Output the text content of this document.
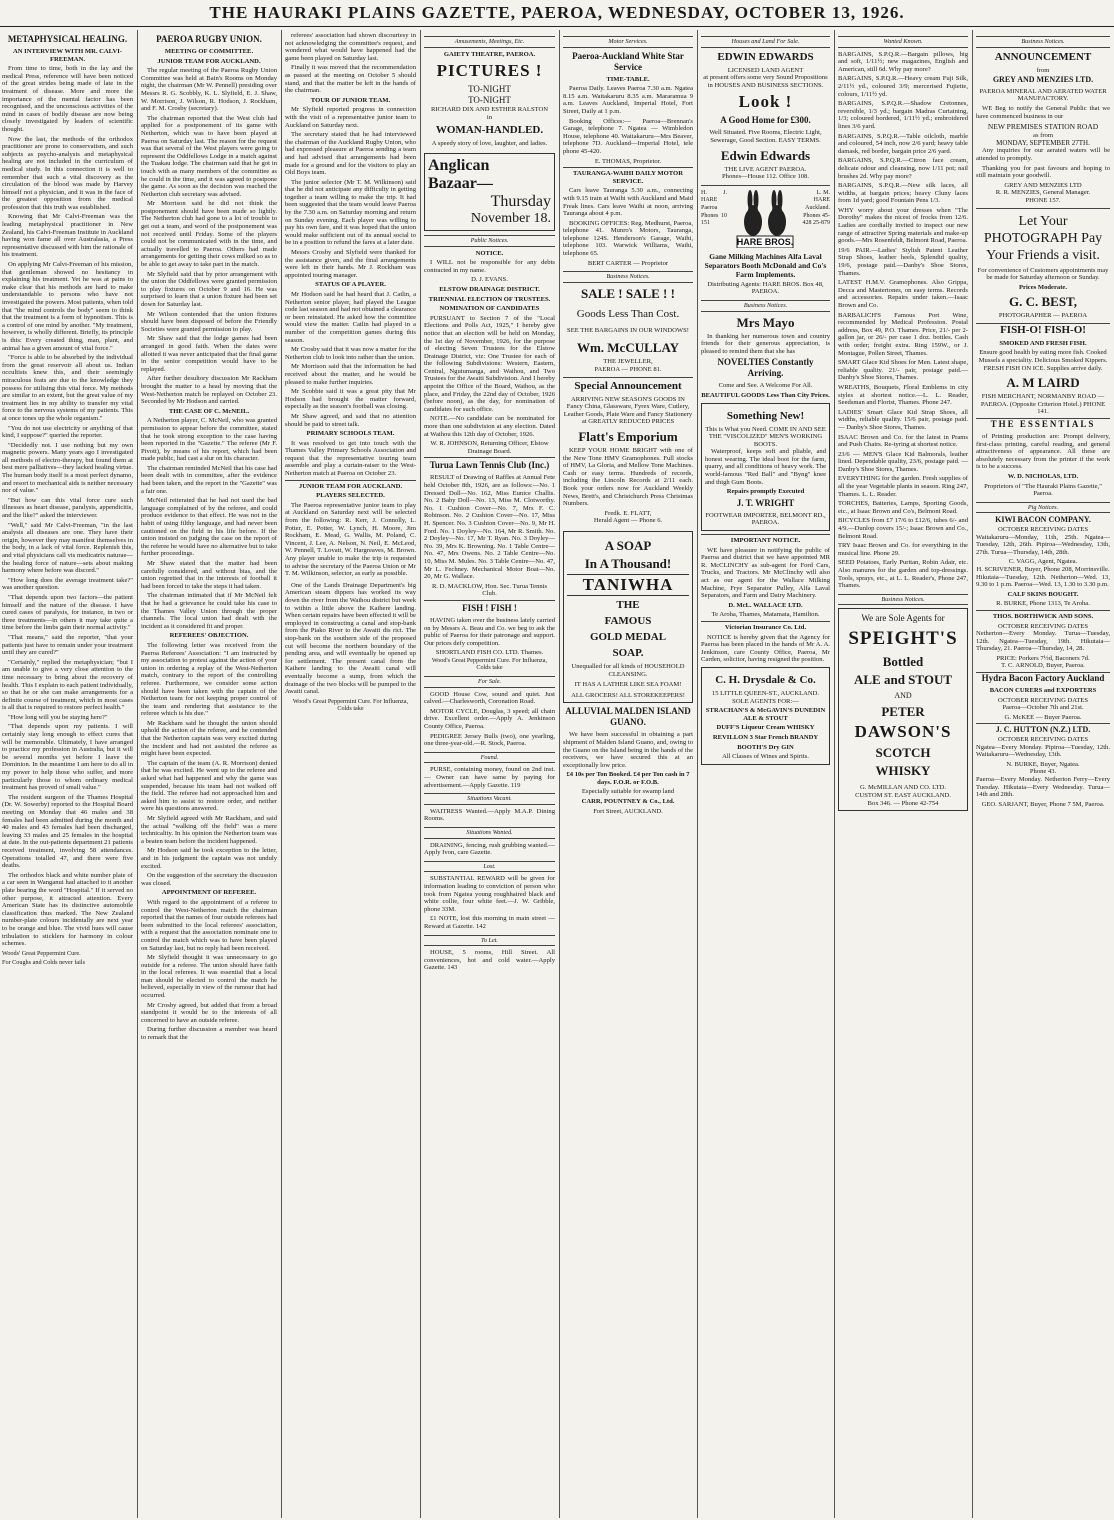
THE HAURAKI PLAINS GAZETTE, PAEROA, WEDNESDAY, OCTOBER 13, 1926.
METAPHYSICAL HEALING.
AN INTERVIEW WITH MR. CALVI-FREEMAN.

From time to time, both in the lay and the medical Press, reference will have been noticed of the great strides being made of late in the treatment of disease. More and more the importance of the mental factor has been recognised, and the unconscious activities of the mind in cases of bodily disease are now being closely investigated by leaders of scientific thought.

Now the last, the methods of the orthodox practitioner are prone to conservatism, and such subjects as psycho-analysis and metaphysical healing are not included in the curriculum of medical study. In this connection it is well to remember that such a vital discovery as the circulation of the blood was made by Harvey himself not a physician, and it was in the face of the greatest opposition from the medical profession that this truth was established.

Knowing that Mr Calvi-Freeman was the leading metaphysical practitioner in New Zealand, his Calvi-Freeman Institute in Auckland having won fame all over Australasia, a Press representative discussed with him the rationale of his treatment.

On applying Mr Calvi-Freeman of his mission, that gentleman showed no hesitancy in explaining his treatment. Yet he was at pains to make clear that his methods are hard to make understandable to persons who have not investigated the powers. Most patients, when told that "the mind controls the body" seem to think that the treatment is a form of hypnotism. This is a control of one mind by another. "My treatment, however, is wholly different. Briefly, its principle is this: Every created thing, man, plant, and animal has a given amount of vital force."

"Force is able to be absorbed by the individual from the great reservoir all about us. Indian occultists knew this, and their seemingly miraculous feats are due to the knowledge they possess for utilising this vital force. My methods are similar to an extent, but the great value of my treatment lies in my ability to transfer my vital force to the nervous systems of my patients. This at once tones up the whole organism."

"You do not use electricity or anything of that kind, I suppose?" queried the reporter.

"Decidedly not. I use nothing but my own magnetic powers. Many years ago I investigated all methods of electro-therapy, but found them at best mere palliatives—they lacked healing virtue. The human body itself is a most perfect dynamo, and resort to mechanical aids is neither necessary nor of value."

"But how can this vital force cure such illnesses as heart disease, paralysis, appendicitis, and the like?" asked the interviewer.

"Well," said Mr Calvi-Freeman, "in the last analysis all diseases are one. They have their origin, however they may manifest themselves in the body, in a lack of vital force. Replenish this, and vital physicians call vis medicatrix naturae—the healing force of nature—sets about making harmony where before was discord."

"How long does the average treatment take?" was another question.

"That depends upon two factors—the patient himself and the nature of the disease. I have cured cases of paralysis, for instance, in two or three treatments—in others it may take quite a time before the limbs gain their normal activity."

"That means," said the reporter, "that your patients just have to remain under your treatment until they are cured?"

"Certainly," replied the metaphysician; "but I am unable to give a very close attention to the time necessary to bring about the recovery of health. This I explain to each patient individually, so that he or she can make arrangements for a definite course of treatment, which in most cases is all that is required to restore perfect health."

"How long will you be staying here?"

"That depends upon my patients. I will certainly stay long enough to effect cures that will be memorable. Ultimately, I have arranged to practice my profession in Australia, but it will be several months yet before I leave the Dominion. In the meantime I am here to do all in my power to help those who suffer, and more particularly those to whom ordinary medical treatment has proved of small value."

The resident surgeon of the Thames Hospital (Dr. W. Sowerby) reported to the Hospital Board meeting on Monday that 46 males and 38 females had been admitted during the month and 40 males and 43 females had been discharged, leaving 33 males and 25 females in the hospital at date. In the out-patients department 21 patients received treatment, involving 58 attendances. Operations totalled 47, and there were five deaths.

The orthodox black and white number plate of a car seen in Wanganui had attached to it another plate bearing the word "Hospital." If it served no other purpose, it attracted attention. Every American State has its distinctive automobile classification thus marked. The New Zealand number-plate colours incidentally are next year to be orange and blue. The vivid hues will cause tribulation to sticklers for harmony in colour schemes.

Woods' Great Peppermint Cure.

For Coughs and Colds never fails

PAEROA RUGBY UNION.
MEETING OF COMMITTEE.
JUNIOR TEAM FOR AUCKLAND.

The regular meeting of the Paeroa Rugby Union Committee was held at Bain's Rooms on Monday night, the chairman (Mr W. Pennell) presiding over Messrs R. G. Scobbly, K. L. Slyfield, E. J. Shaw, W. Morrison, J. Wilson, R. Hodson, J. Rockham, and F. M. Crosby (secretary).

The chairman reported that the West club had applied for a postponement of its game with Netherton, which was to have been played at Paeroa on Saturday last. The reason for the request was that several of the West players were going to represent the Oddfellows Lodge in a match against the Tuakau lodge. The chairman said that he got in touch with as many members of the committee as he could in the time, and it was agreed to postpone the game. As soon as the decision was reached the Netherton club secretary was advised.

Mr Morrison said he did not think the postponement should have been made so lightly. The Netherton club had gone to a lot of trouble to get out a team, and word of the postponement was not received until Friday. Some of the players could not be communicated with in the time, and actually travelled to Paeroa. Others had made arrangements for getting their cows milked so as to be able to get away to take part in the match.

Mr Slyfield said that by prior arrangement with the union the Oddfellows were granted permission to play fixtures on October 9 and 16. He was surprised to learn that a union fixture had been set down for Saturday last.

Mr Wilson contended that the union fixtures should have been disposed of before the Friendly Societies were granted permission to play.

Mr Shaw said that the lodge games had been arranged in good faith. When the dates were allotted it was never anticipated that the final game in the senior competition would have to be replayed.

After further desultory discussion Mr Rackham brought the matter to a head by moving that the West-Netherton match be replayed on October 23. Seconded by Mr Hodson and carried.

THE CASE OF C. McNEIL.

A Netherton player, C. McNeil, who was granted permission to appear before the committee, stated that he took strong exception to the case having been reported in the "Gazette." The referee (Mr F. Pivott), by means of his report, which had been made public, had cast a slur on his character.

The chairman reminded McNeil that his case had been dealt with in committee, after the evidence had been taken, and the report in the "Gazette" was a fair one.

McNeil reiterated that he had not used the bad language complained of by the referee, and could produce evidence to that effect. He was not in the habit of using filthy language, and had never been cautioned on the field in his life before. If the union insisted on judging the case on the report of the referee he would have no alternative but to take further proceedings.

Mr Shaw stated that the matter had been carefully considered, and without bias, and the union regretted that in the interests of football it had been forced to take the steps it had taken.

The chairman intimated that if Mr McNeil felt that he had a grievance he could take his case to the Thames Valley Union through the proper channels. The local union had dealt with the incident as it considered fit and proper.

REFEREES' OBJECTION.

The following letter was received from the Paeroa Referees' Association: "I am instructed by my association to protest against the action of your union in ordering a replay of the West-Netherton match, contrary to the report of the controlling referee. Furthermore, we consider some action should have been taken with the captain of the Netherton team for not keeping proper control of the team and rendering that assistance to the referee which is his due."

Mr Rackham said he thought the union should uphold the action of the referee, and he contended that the Netherton captain was very excited during the incident and had not assisted the referee as might have been expected.

The captain of the team (A. R. Morrison) denied that he was excited. He went up to the referee and asked what had happened and why the game was suspended, because his team had not walked off the field. The referee had not approached him and asked him to assist to restore order, and neither were his questions answered.

Mr Slyfield agreed with Mr Rackham, and said the actual "walking off the field" was a mere technicality. In his opinion the Netherton team was a beaten team before the incident happened.

Mr Hodson said he took exception to the letter, and in his judgment the captain was not unduly excited.

On the suggestion of the secretary the discussion was closed.

APPOINTMENT OF REFEREE.

With regard to the appointment of a referee to control the West-Netherton match the chairman reported that the names of four outside referees had been submitted to the local referees' association, with a request that the association nominate one to control the match which was to have been played on Saturday last, but no reply had been received.

Mr Slyfield thought it was unnecessary to go outside for a referee. The union should have faith in the local referees. It was essential that a local man should be elected to control the match he believed, especially in view of the rumour that had occurred.

Mr Crosby agreed, but added that from a broad standpoint it would be to the interests of all concerned to have an outside referee.

During further discussion a member was heard to remark that the

referees' association had shown discourtesy in not acknowledging the committee's request, and wondered what would have happened had the game been played on Saturday last.

Finally it was moved that the recommendation as passed at the meeting on October 5 should stand, and that the matter be left in the hands of the chairman.

TOUR OF JUNIOR TEAM.

Mr Slyfield reported progress in connection with the visit of a representative junior team to Auckland on Saturday next.

The secretary stated that he had interviewed the chairman of the Auckland Rugby Union, who had expressed pleasure at Paeroa sending a team and had advised that arrangements had been made for a ground and for the visitors to play an Old Boys team.

The junior selector (Mr T. M. Wilkinson) said that he did not anticipate any difficulty in getting together a team willing to make the trip. It had been suggested that the team would leave Paeroa by the 7.30 a.m. on Saturday morning and return on Sunday evening. Each player was willing to pay his own fare, and it was hoped that the union would make sufficient out of its annual social to be in a position to refund the fares at a later date.

Messrs Crosby and Slyfield were thanked for the assistance given, and the final arrangements were left in their hands. Mr J. Rockham was appointed touring manager.

STATUS OF A PLAYER.

Mr Hodson said he had heard that J. Catlin, a Netherton senior player, had played the League code last season and had not obtained a clearance or been reinstated. He asked how the committee would view the matter. Catlin had played in a number of the competition games during this season.

Mr Crosby said that it was now a matter for the Netherton club to look into rather than the union.

Mr Morrison said that the information he had received about the matter, and he would be pleased to make further inquiries.

Mr Scobbie said it was a great pity that Mr Hodson had brought the matter forward, especially as the season's football was closing.

Mr Shaw agreed, and said that no attention should be paid to street talk.

PRIMARY SCHOOLS TEAM.

It was resolved to get into touch with the Thames Valley Primary Schools Association and request that the representative touring team assemble and play a curtain-raiser to the West-Netherton match at Paeroa on October 23.

JUNIOR TEAM FOR AUCKLAND.
PLAYERS SELECTED.

The Paeroa representative junior team to play at Auckland on Saturday next will be selected from the following: R. Kerr, J. Connolly, L. Potter, E. Potter, W. Lynch, H. Moore, Jim Rockham, E. Mead, G. Wallis, M. Poland, C. Vincent, J. Lee, A. Nelson, N. Neil, E. McLeod, W. Pennell, T. Lovatt, W. Hargreaves, M. Brown. Any player unable to make the trip is requested to advise the secretary of the Paeroa Union or Mr T. M. Wilkinson, selector, as early as possible.

One of the Lands Drainage Department's big American steam dippers has worked its way down the river from the Waihou district but week to within a little above the Kaihere landing. When certain repairs have been effected it will be employed in constructing a canal and stop-bank from the Piako River to the Awaiti dis rict. The stop-bank on the southern side of the proposed cut will become the northern boundary of the pending area, and will eventually be opened up for settlement. The present canal from the Kaihere landing to the Awaiti canal will eventually become a sump, from which the drainage of the two blocks will be pumped to the Awaiti canal.

Wood's Great Peppermint Cure. For Influenza, Colds take

Amusements, Meetings, Etc.
GAIETY THEATRE, PAEROA.
PICTURES !
TO-NIGHT
TO-NIGHT
RICHARD DIX AND ESTHER RALSTON
in
WOMAN-HANDLED.
A speedy story of love, laughter, and ladies.
Anglican
Bazaar—
Thursday
November 18.
Public Notices.
NOTICE.

I WILL not be responsible for any debts contracted in my name.

D. J. EVANS.
ELSTOW DRAINAGE DISTRICT.
TRIENNIAL ELECTION OF TRUSTEES.
NOMINATION OF CANDIDATES

PURSUANT to Section 7 of the "Local Elections and Polls Act, 1925," I hereby give notice that an election will be held on Monday, the 1st day of November, 1926, for the purpose of electing Seven Trustees for the Elstow Drainage District, viz: One Trustee for each of the following Subdivisions: Western, Eastern, Central, Ngutumanga, and Waihou, and Two Trustees for the Awaiti Subdivision. And I hereby appoint the Office of the Board, Waihou, as the place, and Friday, the 22nd day of October, 1926 (before noon), as the day, for nomination of candidates for such office.

NOTE.—No candidate can be nominated for more than one subdivision at any election. Dated at Waihou this 12th day of October, 1926.

W. R. JOHNSON, Returning Officer, Elstow Drainage Board.
Turua Lawn Tennis Club (Inc.)

RESULT of Drawing of Raffles at Annual Fete held October 8th, 1926, are as follows:—No. 1 Dressed Doll—No. 162, Miss Eunice Challis. No. 2 Baby Doll—No. 13, Miss M. Clotworthy. No. 1 Cushion Cover—No. 7, Mrs F. C. Robinson. No. 2 Cushion Cover—No. 17, Miss H. Spencer. No. 3 Cushion Cover—No. 9, Mr H. Ford. No. 1 Doyley—No. 164, Mr R. Smith. No. 2 Doyley—No. 17, Mr T. Ryan. No. 3 Doyley—No. 39, Mrs K. Browning. No. 1 Table Centre—No. 47, Mrs Owens. No. 2 Table Centre—No. 10, Miss M. Mules. No. 3 Table Centre—No. 47, Mr L. Fechney. Mechanical Motor Boat—No. 20, Mr G. Wallace.

R. D. MACKLOW, Hon. Sec. Turua Tennis Club.
FISH ! FISH !

HAVING taken over the business lately carried on by Messrs A. Beau and Co. we beg to ask the public of Paeroa for their patronage and support. Our prices defy competition.

SHORTLAND FISH CO. LTD. Thames.

Wood's Great Peppermint Cure. For Influenza, Colds take

For Sale.

GOOD House Cow, sound and quiet. Just calved.—Charlesworth, Coronation Road.

MOTOR CYCLE, Douglas, 3 speed; all chain drive. Excellent order.—Apply A. Jenkinson County Office, Paeroa.

PEDIGREE Jersey Bulls (two), one yearling, one three-year-old.—R. Stock, Paeroa.

Found.

PURSE, containing money, found on 2nd inst. — Owner can have same by paying for advertisement.—Apply Gazette. 119

Situations Vacant.

WAITRESS Wanted.—Apply M.A.P. Dining Rooms.

Situations Wanted.

DRAINING, fencing, rush grubbing wanted.—Apply Ivon, care Gazette.

Lost.

SUBSTANTIAL REWARD will be given for information leading to conviction of person who took from Ngatea young roughhaired black and white collie, four white feet.—J. W. Gribble, phone 33M.

£1 NOTE, lost this morning in main street — Reward at Gazette. 142

To Let.

HOUSE, 5 rooms, Hill Street. All conveniences, hot and cold water.—Apply Gazette. 143

Motor Services.
Paeroa-Auckland White Star Service
TIME-TABLE.

Paeroa Daily. Leaves Paeroa 7.30 a.m. Ngatea 8.15 a.m. Waitakaruru 8.35 a.m. Mararamua 9 a.m. Leaves Auckland, Imperial Hotel, Fort Street, Daily at 1 p.m.

Booking Offices:— Paeroa—Brennan's Garage, telephone 7. Ngatea — Wimbledon House, telephone 40. Waitakaruru—Mrs Beaver, telephone 7D. Auckland—Imperial Hotel, tele phone 45-420.

E. THOMAS, Proprietor.
TAURANGA-WAIHI DAILY MOTOR SERVICE.

Cars leave Tauranga 5.30 a.m., connecting with 9.15 train at Waihi with Auckland and Maid Freak lines. Cars leave Waihi at noon, arriving Tauranga about 4 p.m.

BOOKING OFFICES: Reg. Medhurst, Paeroa, telephone 41. Munro's Motors, Tauranga, telephone 124S. Henderson's Garage, Waihi, telephone 103. Warwick Williams, Waihi, telephone 65.

BERT CARTER — Proprietor
Business Notices.
SALE ! SALE ! !
Goods Less Than Cost.
SEE THE BARGAINS IN OUR WINDOWS!
Wm. McCULLAY
THE JEWELLER,
PAEROA — PHONE 81.
Special Announcement

ARRIVING NEW SEASON'S GOODS IN Fancy China, Glassware, Fyrex Ware, Cutlery, Leather Goods, Plate Ware and Fancy Stationery at GREATLY REDUCED PRICES

Flatt's Emporium

KEEP YOUR HOME BRIGHT with one of the New Tone HMV Gramophones. Full stocks of HMV, La Gloria, and Mellow Tone Machines. Cash or easy terms. Hundreds of records, including the Lincoln Records at 2/11 each. Book your orders now for Auckland Weekly News, Brett's, and Christchurch Press Christmas Numbers.

Fredk. E. FLATT,
Herald Agent — Phone 6.
A SOAP
In A Thousand!
TANIWHA
THE
FAMOUS
GOLD MEDAL
SOAP.
Unequalled for all kinds of HOUSEHOLD CLEANSING.
IT HAS A LATHER LIKE SEA FOAM!
ALL GROCERS! ALL STOREKEEPERS!
ALLUVIAL MALDEN ISLAND GUANO.

We have been successful in obtaining a part shipment of Malden Island Guano, and, owing to the Guano on the Island being in the hands of the receivers, we have secured this at an exceptionally low price.

£4 10s per Ton Booked. £4 per Ton cash in 7 days. F.O.R. or F.O.B.
Especially suitable for swamp land
CARR, POUNTNEY & Co., Ltd.
Fort Street, AUCKLAND.
Houses and Land For Sale.
EDWIN EDWARDS
LICENSED LAND AGENT

at present offers some very Sound Propositions in HOUSES AND BUSINESS SECTIONS.

Look !
A Good Home for £300.

Well Situated. Five Rooms, Electric Light, Sewerage, Good Section. EASY TERMS.

Edwin Edwards
THE LIVE AGENT PAEROA.
Phones—House 112. Office 108.
H. J. HARE Paeroa Phones 10 151
L. M. HARE Auckland. Phones 45-428 25-879
HARE BROS.
Gane Milking Machines Alfa Laval Separators Booth McDonald and Co's Farm Implements.
Distributing Agents: HARE BROS. Box 48, PAEROA.
Business Notices.
Mrs Mayo

In thanking her numerous town and country friends for their generous appreciation, is pleased to remind them that she has

NOVELTIES Constantly Arriving.
Come and See. A Welcome For All.
BEAUTIFUL GOODS Less Than City Prices.
Something New!
This is What you Need. COME IN AND SEE THE "VISCOLIZED" MEN'S WORKING BOOTS.

Waterproof, keeps soft and pliable, and honest wearing. The ideal boot for the farm, quarry, and all conditions of heavy work. The world-famous "Red Ball" and "Byng" knee and thigh Gum Boots.

Repairs promptly Executed
J. T. WRIGHT
FOOTWEAR IMPORTER, BELMONT RD., PAEROA.
IMPORTANT NOTICE.

WE have pleasure in notifying the public of Paeroa and district that we have appointed MR R. McCLINCHY as sub-agent for Ford Cars, Trucks, and Tractors. Mr McClinchy will also act as our agent for the Wallace Milking Machine, Frye Separator Pulley, Alfa Laval Separators, and Farm and Dairy Machinery.

D. McL. WALLACE LTD.
Te Aroha, Thames, Matamata, Hamilton.
Victorian Insurance Co. Ltd.

NOTICE is hereby given that the Agency for Paeroa has been placed in the hands of Mr A. A. Jenkinson, care County Office, Paeroa, Mr Carden, solicitor, having resigned the position.

C. H. Drysdale & Co.
15 LITTLE QUEEN-ST., AUCKLAND.
SOLE AGENTS FOR:—
STRACHAN'S & McGAVIN'S DUNEDIN ALE & STOUT
DUFF'S Liqueur Cream WHISKY
REVILLON 3 Star French BRANDY
BOOTH'S Dry GIN
All Classes of Wines and Spirits.
Wanted Known.

BARGAINS, S.P.Q.R.—Bargain pillows, big and soft, 1/11½; new magazines, English and American, still 6d. Why pay more?

BARGAINS, S.P.Q.R.—Heavy cream Fuji Silk, 2/11½ yd., coloured 3/9; mercerised Fujiette, colours, 1/11½ yd.

BARGAINS, S.P.Q.R.—Shadow Cretonnes, reversible, 1/3 yd.; bargain Madras Curtaining, 1/3; coloured bordered, 1/11½ yd.; embroidered lines 3/6 yard.

BARGAINS, S.P.Q.R.—Table oilcloth, marble and coloured, 54 inch, now 2/6 yard; heavy table damask, red border, bargain price 2/6 yard.

BARGAINS, S.P.Q.R.—Citron face cream, delicate odour and cleansing, now 1/11 pot; nail brushes 2d. Why pay more?

BARGAINS, S.P.Q.R.—New silk laces, all widths, at bargain prices; heavy Cluny laces from 1d yard; good Fountain Pens 1/3.

WHY worry about your dresses when "The Dorothy" makes the nicest of frocks from 12/6. Ladies are cordially invited to inspect our new range of attractive Spring materials and make-up goods.—Mrs Rosenfeldt, Belmont Road, Paeroa.

19/6 PAIR.—Ladies' Stylish Patent Leather Strap Shoes, leather heels, Splendid quality, 19/6, postage paid.—Danby's Shoe Stores, Thames.

LATEST H.M.V. Gramophones. Also Grippa, Decca and Mastertones, on easy terms. Records and accessories. Repairs under taken.—Isaac Brown and Co.

BARBALICH'S Famous Port Wine, recommended by Medical Profession. Postal address, Box 49, P.O. Thames. Price, 21/- per 2-gallon jar, or 26/- per case 1 doz. bottles. Cash with order; freight extra. Ring 159W., or J. Montague, Pollen Street, Thames.

SMART Glace Kid Shoes for Men. Latest shape, reliable quality. 21/- pair, postage paid.—Danby's Shoe Stores, Thames.

WREATHS, Bouquets, Floral Emblems in city styles at shortest notice.—L. L. Reader, Seedsman and Florist, Thames. Phone 247.

LADIES' Smart Glace Kid Strap Shoes, all widths, reliable quality. 15/6 pair, postage paid. — Danby's Shoe Stores, Thames.

ISAAC Brown and Co. for the latest in Prams and Push Chairs. Re-tyring at shortest notice.

23/6 — MEN'S Glace Kid Balmorals, leather lined. Dependable quality, 23/6, postage paid. — Danby's Shoe Stores, Thames.

EVERYTHING for the garden. Fresh supplies of all the year Vegetable plants in season. Ring 247, Thames. L. L. Reader.

TORCHES, Batteries, Lamps, Sporting Goods, etc., at Isaac Brown and Co's, Belmont Road.

BICYCLES from £7 17/6 to £12/6, tubes 6/- and 4/9.—Dunlop covers 15/-; Isaac Brown and Co., Belmont Road.

TRY Isaac Brown and Co. for everything in the musical line. Phone 29.

SEED Potatoes, Early Puritan, Robin Adair, etc. Also manures for the garden and top-dressings. Tools, sprays, etc., at L. L. Reader's, Phone 247, Thames.

Business Notices.
We are Sole Agents for
SPEIGHT'S
Bottled
ALE and STOUT
AND
PETER
DAWSON'S
SCOTCH
WHISKY
G. McMILLAN AND CO. LTD.
CUSTOM ST. EAST AUCKLAND.
Box 346. — Phone 42-754
Business Notices.
ANNOUNCEMENT
from
GREY AND MENZIES LTD.

PAEROA MINERAL AND AERATED WATER MANUFACTORY.

WE Beg to notify the General Public that we have commenced business in our

NEW PREMISES STATION ROAD
as from
MONDAY, SEPTEMBER 27TH.

Any inquiries for our aerated waters will be attended to promptly.

Thanking you for past favours and hoping to still maintain your goodwill.

GREY AND MENZIES LTD
R. R. MENZIES, General Manager.
PHONE 157.
Let Your PHOTOGRAPH Pay Your Friends a visit.

For convenience of Customers appointments may be made for Saturday afternoon or Sunday.

Prices Moderate.
G. C. BEST,
PHOTOGRAPHER — PAEROA
FISH-O! FISH-O!
SMOKED AND FRESH FISH.

Ensure good health by eating more fish. Cooked Mussels a speciality. Delicious Smoked Kippers. FRESH FISH ON ICE. Supplies arrive daily.

A. M LAIRD
FISH MERCHANT, NORMANBY ROAD — PAEROA. (Opposite Criterion Hotel.) PHONE 141.
THE ESSENTIALS

of Printing production are: Prompt delivery, first-class printing, careful reading, and general attractiveness of appearance. All these are absolutely necessary from the printer if the work is to be a success.

W. D. NICHOLAS, LTD.
Proprietors of "The Hauraki Plains Gazette," Paeroa.
Pig Notices.
KIWI BACON COMPANY.
OCTOBER RECEIVING DATES

Waitakaruru—Monday, 11th, 25th. Ngatea—Tuesday, 12th, 26th. Pipiroa—Wednesday, 13th, 27th. Turua—Thursday, 14th, 28th.

C. VAGG, Agent, Ngatea.
H. SCRIVENER, Buyer, Phone 208, Morrinsville.

Hikutaia—Tuesday, 12th. Netherton—Wed. 13, 9.30 to 1 p.m. Paeroa—Wed. 13, 1.30 to 3.30 p.m.

CALF SKINS BOUGHT.
R. BURKE, Phone 1313, Te Aroha.
THOS. BORTHWICK AND SONS.
OCTOBER RECEIVING DATES

Netherton—Every Monday. Turua—Tuesday, 12th. Ngatea—Tuesday, 19th. Hikutaia—Thursday, 21. Paeroa—Thursday, 14, 28.

PRICE: Porkers 7½d, Baconers 7d.
T. C. ARNOLD, Buyer, Paeroa.
Hydra Bacon Factory Auckland
BACON CURERS and EXPORTERS
OCTOBER RECEIVING DATES

Paeroa—October 7th and 21st.

G. McKEE — Buyer Paeroa.
J. C. HUTTON (N.Z.) LTD.
OCTOBER RECEIVING DATES

Ngatea—Every Monday. Pipiroa—Tuesday, 12th. Waitakaruru—Wednesday, 13th.

N. BURKE, Buyer, Ngatea.
Phone 43.

Paeroa—Every Monday. Netherton Ferry—Every Tuesday. Hikutaia—Every Wednesday. Turua—14th and 28th.

GEO. SARJANT, Buyer, Phone 7 5M, Paeroa.
